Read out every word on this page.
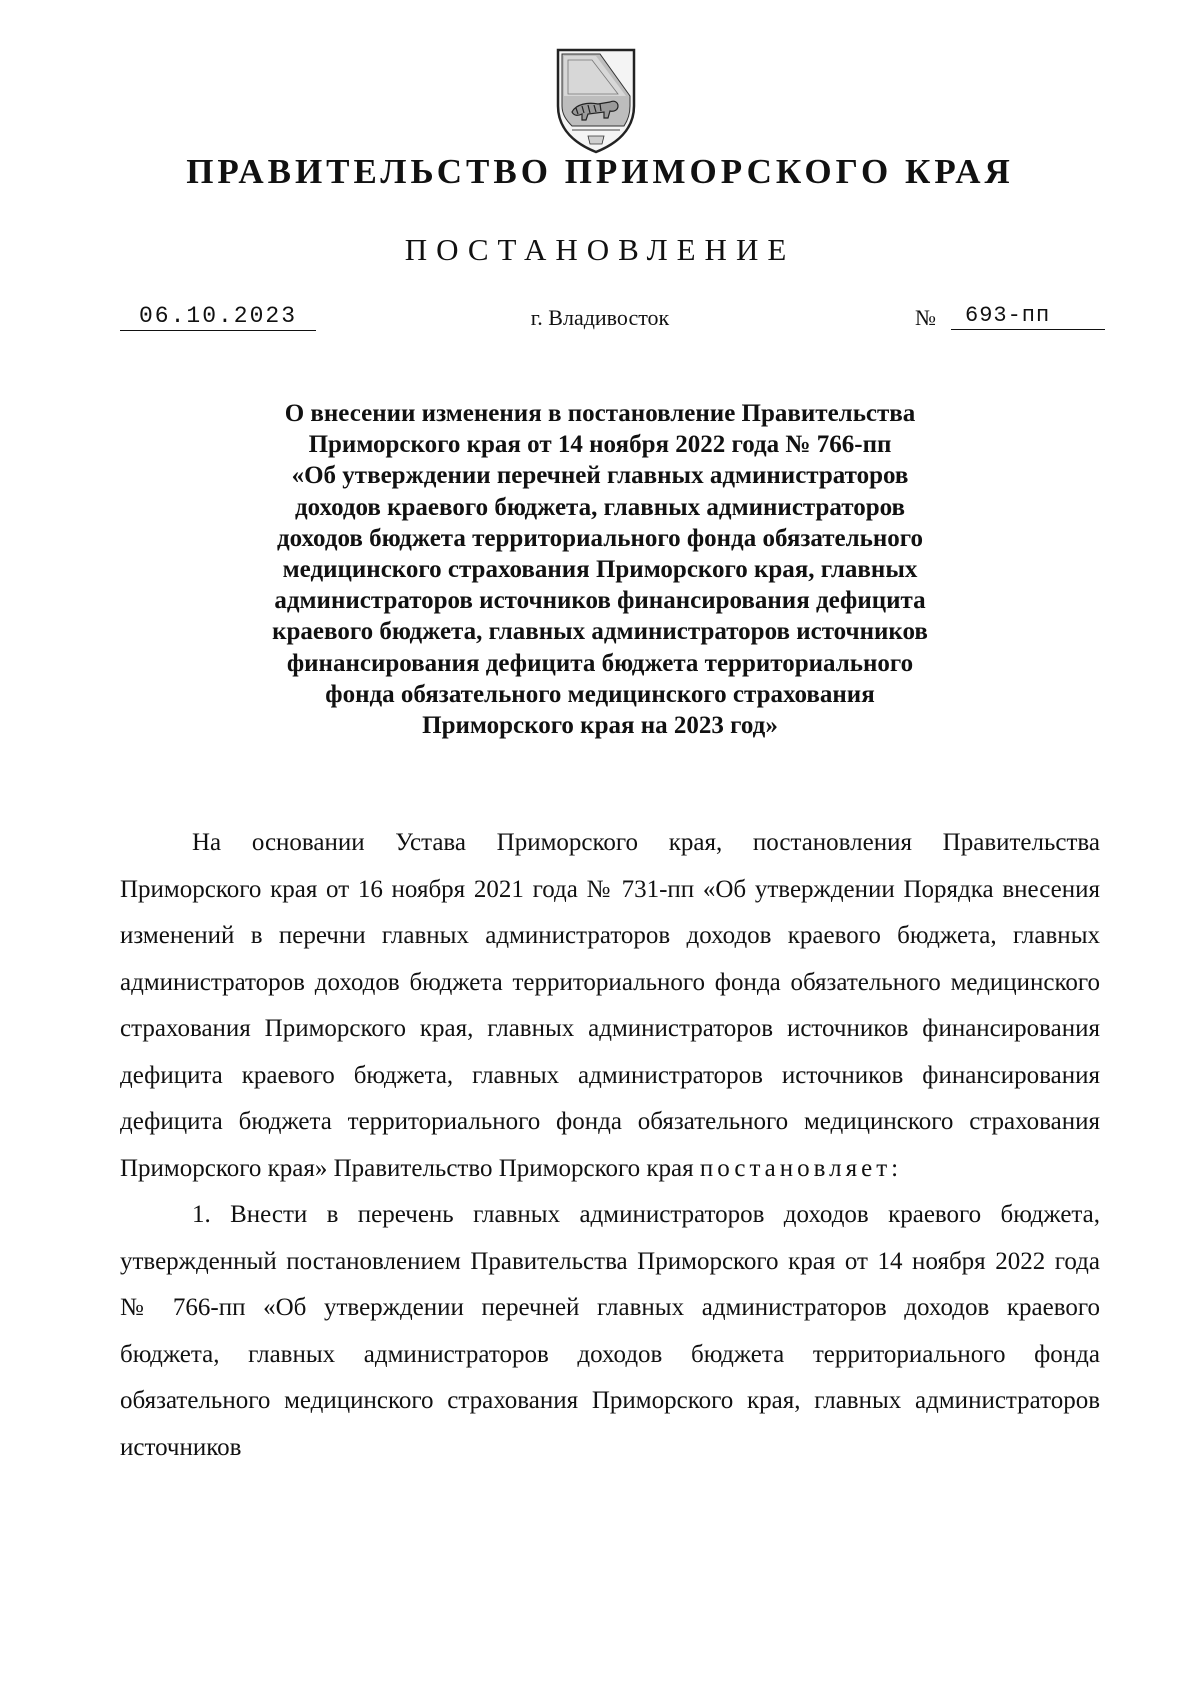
ПРАВИТЕЛЬСТВО ПРИМОРСКОГО КРАЯ
ПОСТАНОВЛЕНИЕ
06.10.2023	г. Владивосток	№	693-пп
О внесении изменения в постановление Правительства
Приморского края от 14 ноября 2022 года № 766-пп
«Об утверждении перечней главных администраторов
доходов краевого бюджета, главных администраторов
доходов бюджета территориального фонда обязательного
медицинского страхования Приморского края, главных
администраторов источников финансирования дефицита
краевого бюджета, главных администраторов источников
финансирования дефицита бюджета территориального
фонда обязательного медицинского страхования
Приморского края на 2023 год»

На основании Устава Приморского края, постановления Правительства Приморского края от 16 ноября 2021 года № 731-пп «Об утверждении Порядка внесения изменений в перечни главных администраторов доходов краевого бюджета, главных администраторов доходов бюджета территориального фонда обязательного медицинского страхования Приморского края, главных администраторов источников финансирования дефицита краевого бюджета, главных администраторов источников финансирования дефицита бюджета территориального фонда обязательного медицинского страхования Приморского края» Правительство Приморского края постановляет:

1. Внести в перечень главных администраторов доходов краевого бюджета, утвержденный постановлением Правительства Приморского края от 14 ноября 2022 года № 766-пп «Об утверждении перечней главных администраторов доходов краевого бюджета, главных администраторов доходов бюджета территориального фонда обязательного медицинского страхования Приморского края, главных администраторов источников
